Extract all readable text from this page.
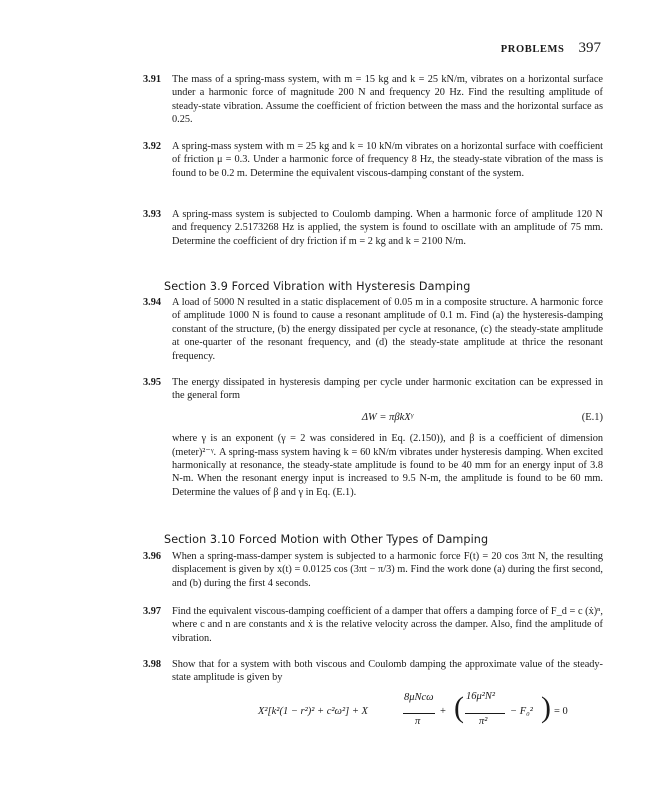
PROBLEMS 397
3.91 The mass of a spring-mass system, with m = 15 kg and k = 25 kN/m, vibrates on a horizontal surface under a harmonic force of magnitude 200 N and frequency 20 Hz. Find the resulting amplitude of steady-state vibration. Assume the coefficient of friction between the mass and the horizontal surface as 0.25.

3.92 A spring-mass system with m = 25 kg and k = 10 kN/m vibrates on a horizontal surface with coefficient of friction μ = 0.3. Under a harmonic force of frequency 8 Hz, the steady-state vibration of the mass is found to be 0.2 m. Determine the equivalent viscous-damping constant of the system.

3.93 A spring-mass system is subjected to Coulomb damping. When a harmonic force of amplitude 120 N and frequency 2.5173268 Hz is applied, the system is found to oscillate with an amplitude of 75 mm. Determine the coefficient of dry friction if m = 2 kg and k = 2100 N/m.

Section 3.9 Forced Vibration with Hysteresis Damping
3.94 A load of 5000 N resulted in a static displacement of 0.05 m in a composite structure. A harmonic force of amplitude 1000 N is found to cause a resonant amplitude of 0.1 m. Find (a) the hysteresis-damping constant of the structure, (b) the energy dissipated per cycle at resonance, (c) the steady-state amplitude at one-quarter of the resonant frequency, and (d) the steady-state amplitude at thrice the resonant frequency.

3.95 The energy dissipated in hysteresis damping per cycle under harmonic excitation can be expressed in the general form

ΔW = πβkXᵞ	(E.1)

where γ is an exponent (γ = 2 was considered in Eq. (2.150)), and β is a coefficient of dimension (meter)²⁻ᵞ. A spring-mass system having k = 60 kN/m vibrates under hysteresis damping. When excited harmonically at resonance, the steady-state amplitude is found to be 40 mm for an energy input of 3.8 N-m. When the resonant energy input is increased to 9.5 N-m, the amplitude is found to be 60 mm. Determine the values of β and γ in Eq. (E.1).

Section 3.10 Forced Motion with Other Types of Damping
3.96 When a spring-mass-damper system is subjected to a harmonic force F(t) = 20 cos 3πt N, the resulting displacement is given by x(t) = 0.0125 cos (3πt − π/3) m. Find the work done (a) during the first second, and (b) during the first 4 seconds.

3.97 Find the equivalent viscous-damping coefficient of a damper that offers a damping force of F_d = c (ẋ)ⁿ, where c and n are constants and ẋ is the relative velocity across the damper. Also, find the amplitude of vibration.

3.98 Show that for a system with both viscous and Coulomb damping the approximate value of the steady-state amplitude is given by

X²[k²(1 − r²)² + c²ω²] + X
8μNcω
π
+ ( 16μ²N²
π²
− F₀² ) = 0
